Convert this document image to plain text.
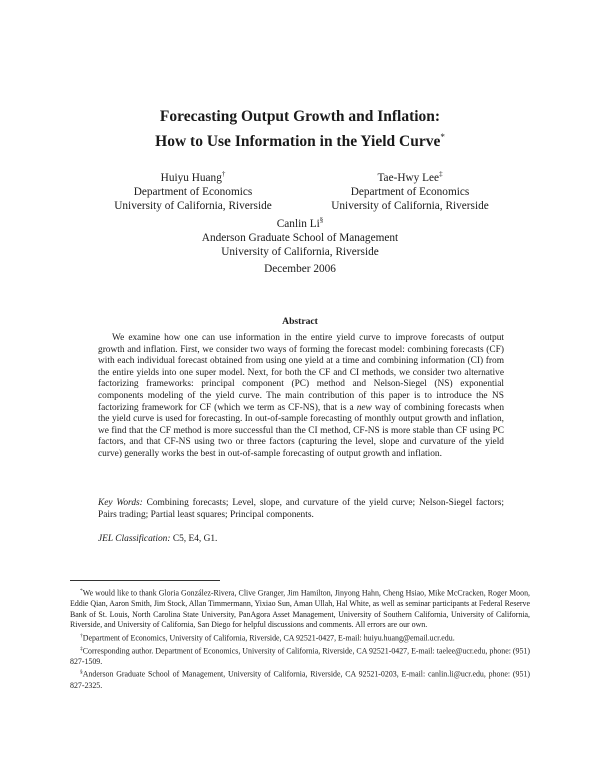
Forecasting Output Growth and Inflation:
How to Use Information in the Yield Curve*
Huiyu Huang†
Department of Economics
University of California, Riverside
Tae-Hwy Lee‡
Department of Economics
University of California, Riverside
Canlin Li§
Anderson Graduate School of Management
University of California, Riverside
December 2006
Abstract
We examine how one can use information in the entire yield curve to improve forecasts of output growth and inflation. First, we consider two ways of forming the forecast model: combining forecasts (CF) with each individual forecast obtained from using one yield at a time and combining information (CI) from the entire yields into one super model. Next, for both the CF and CI methods, we consider two alternative factorizing frameworks: principal component (PC) method and Nelson-Siegel (NS) exponential components modeling of the yield curve. The main contribution of this paper is to introduce the NS factorizing framework for CF (which we term as CF-NS), that is a new way of combining forecasts when the yield curve is used for forecasting. In out-of-sample forecasting of monthly output growth and inflation, we find that the CF method is more successful than the CI method, CF-NS is more stable than CF using PC factors, and that CF-NS using two or three factors (capturing the level, slope and curvature of the yield curve) generally works the best in out-of-sample forecasting of output growth and inflation.
Key Words: Combining forecasts; Level, slope, and curvature of the yield curve; Nelson-Siegel factors; Pairs trading; Partial least squares; Principal components.
JEL Classification: C5, E4, G1.

*We would like to thank Gloria González-Rivera, Clive Granger, Jim Hamilton, Jinyong Hahn, Cheng Hsiao, Mike McCracken, Roger Moon, Eddie Qian, Aaron Smith, Jim Stock, Allan Timmermann, Yixiao Sun, Aman Ullah, Hal White, as well as seminar participants at Federal Reserve Bank of St. Louis, North Carolina State University, PanAgora Asset Management, University of Southern California, University of California, Riverside, and University of California, San Diego for helpful discussions and comments. All errors are our own.

†Department of Economics, University of California, Riverside, CA 92521-0427, E-mail: huiyu.huang@email.ucr.edu.

‡Corresponding author. Department of Economics, University of California, Riverside, CA 92521-0427, E-mail: taelee@ucr.edu, phone: (951) 827-1509.

§Anderson Graduate School of Management, University of California, Riverside, CA 92521-0203, E-mail: canlin.li@ucr.edu, phone: (951) 827-2325.
